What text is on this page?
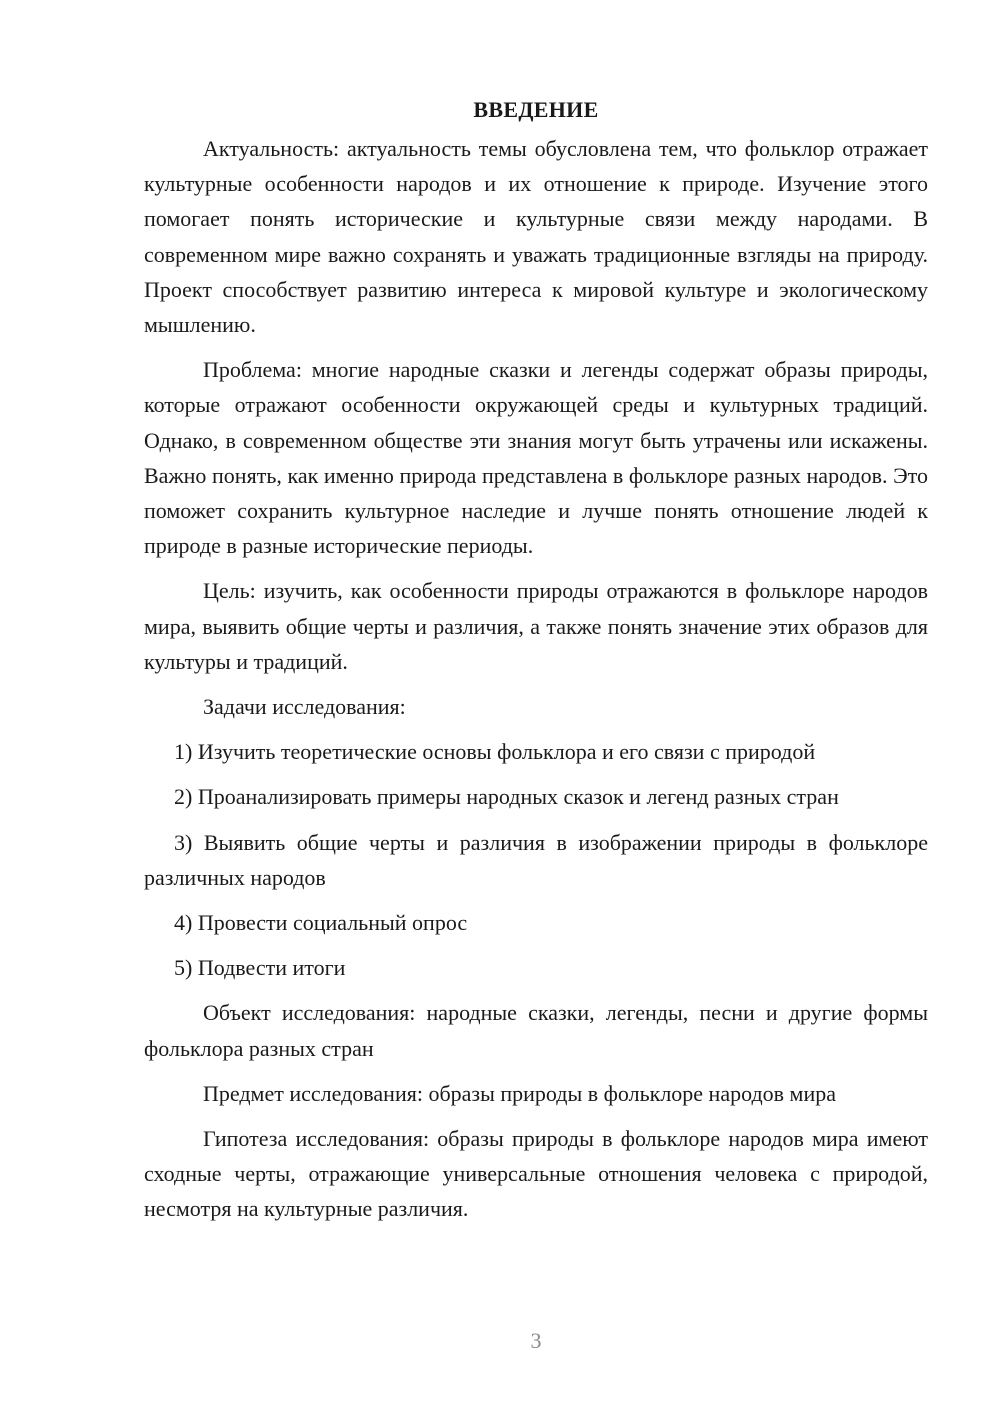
ВВЕДЕНИЕ

Актуальность: актуальность темы обусловлена тем, что фольклор отражает культурные особенности народов и их отношение к природе. Изучение этого помогает понять исторические и культурные связи между народами. В современном мире важно сохранять и уважать традиционные взгляды на природу. Проект способствует развитию интереса к мировой культуре и экологическому мышлению.

Проблема: многие народные сказки и легенды содержат образы природы, которые отражают особенности окружающей среды и культурных традиций. Однако, в современном обществе эти знания могут быть утрачены или искажены. Важно понять, как именно природа представлена в фольклоре разных народов. Это поможет сохранить культурное наследие и лучше понять отношение людей к природе в разные исторические периоды.

Цель: изучить, как особенности природы отражаются в фольклоре народов мира, выявить общие черты и различия, а также понять значение этих образов для культуры и традиций.

Задачи исследования:

1) Изучить теоретические основы фольклора и его связи с природой

2) Проанализировать примеры народных сказок и легенд разных стран

3) Выявить общие черты и различия в изображении природы в фольклоре различных народов

4) Провести социальный опрос

5) Подвести итоги

Объект исследования: народные сказки, легенды, песни и другие формы фольклора разных стран

Предмет исследования: образы природы в фольклоре народов мира

Гипотеза исследования: образы природы в фольклоре народов мира имеют сходные черты, отражающие универсальные отношения человека с природой, несмотря на культурные различия.

3
